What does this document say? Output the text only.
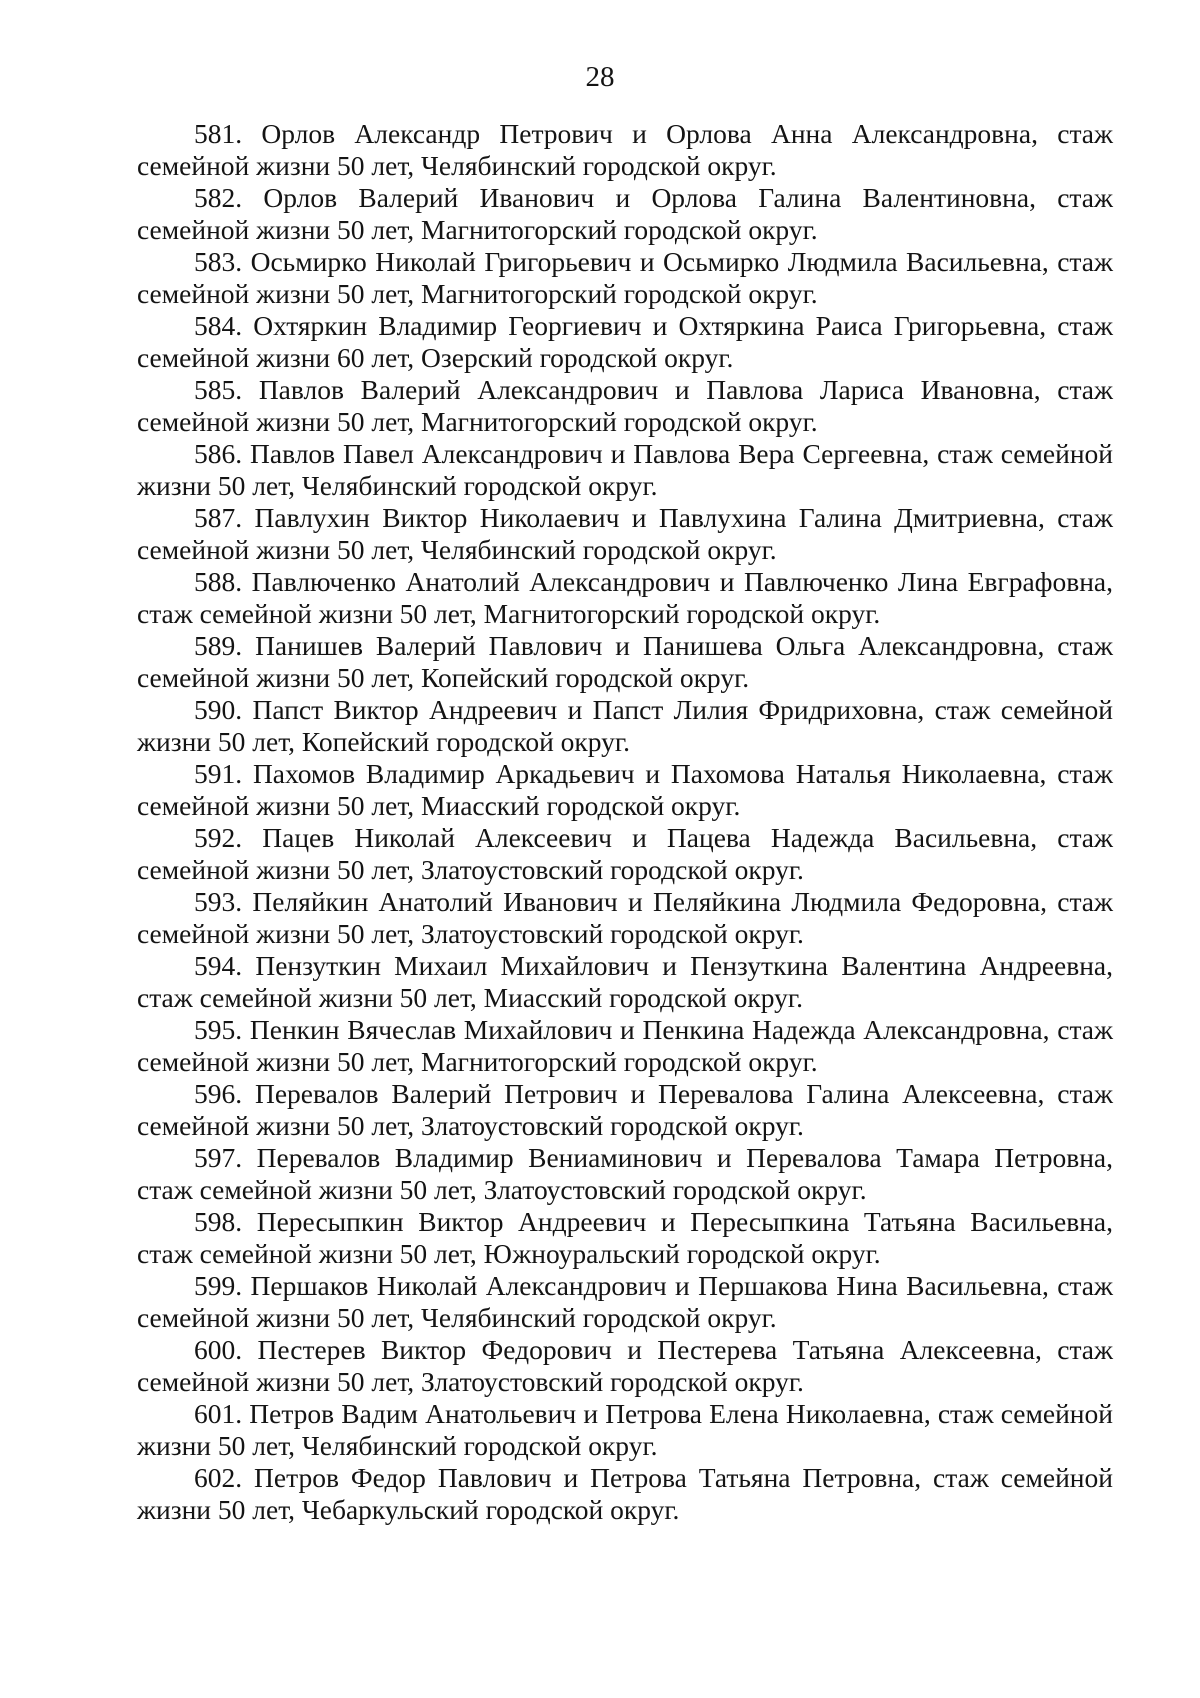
28

581. Орлов Александр Петрович и Орлова Анна Александровна, стаж семейной жизни 50 лет, Челябинский городской округ.

582. Орлов Валерий Иванович и Орлова Галина Валентиновна, стаж семейной жизни 50 лет, Магнитогорский городской округ.

583. Осьмирко Николай Григорьевич и Осьмирко Людмила Васильевна, стаж семейной жизни 50 лет, Магнитогорский городской округ.

584. Охтяркин Владимир Георгиевич и Охтяркина Раиса Григорьевна, стаж семейной жизни 60 лет, Озерский городской округ.

585. Павлов Валерий Александрович и Павлова Лариса Ивановна, стаж семейной жизни 50 лет, Магнитогорский городской округ.

586. Павлов Павел Александрович и Павлова Вера Сергеевна, стаж семейной жизни 50 лет, Челябинский городской округ.

587. Павлухин Виктор Николаевич и Павлухина Галина Дмитриевна, стаж семейной жизни 50 лет, Челябинский городской округ.

588. Павлюченко Анатолий Александрович и Павлюченко Лина Евграфовна, стаж семейной жизни 50 лет, Магнитогорский городской округ.

589. Панишев Валерий Павлович и Панишева Ольга Александровна, стаж семейной жизни 50 лет, Копейский городской округ.

590. Папст Виктор Андреевич и Папст Лилия Фридриховна, стаж семейной жизни 50 лет, Копейский городской округ.

591. Пахомов Владимир Аркадьевич и Пахомова Наталья Николаевна, стаж семейной жизни 50 лет, Миасский городской округ.

592. Пацев Николай Алексеевич и Пацева Надежда Васильевна, стаж семейной жизни 50 лет, Златоустовский городской округ.

593. Пеляйкин Анатолий Иванович и Пеляйкина Людмила Федоровна, стаж семейной жизни 50 лет, Златоустовский городской округ.

594. Пензуткин Михаил Михайлович и Пензуткина Валентина Андреевна, стаж семейной жизни 50 лет, Миасский городской округ.

595. Пенкин Вячеслав Михайлович и Пенкина Надежда Александровна, стаж семейной жизни 50 лет, Магнитогорский городской округ.

596. Перевалов Валерий Петрович и Перевалова Галина Алексеевна, стаж семейной жизни 50 лет, Златоустовский городской округ.

597. Перевалов Владимир Вениаминович и Перевалова Тамара Петровна, стаж семейной жизни 50 лет, Златоустовский городской округ.

598. Пересыпкин Виктор Андреевич и Пересыпкина Татьяна Васильевна, стаж семейной жизни 50 лет, Южноуральский городской округ.

599. Першаков Николай Александрович и Першакова Нина Васильевна, стаж семейной жизни 50 лет, Челябинский городской округ.

600. Пестерев Виктор Федорович и Пестерева Татьяна Алексеевна, стаж семейной жизни 50 лет, Златоустовский городской округ.

601. Петров Вадим Анатольевич и Петрова Елена Николаевна, стаж семейной жизни 50 лет, Челябинский городской округ.

602. Петров Федор Павлович и Петрова Татьяна Петровна, стаж семейной жизни 50 лет, Чебаркульский городской округ.
